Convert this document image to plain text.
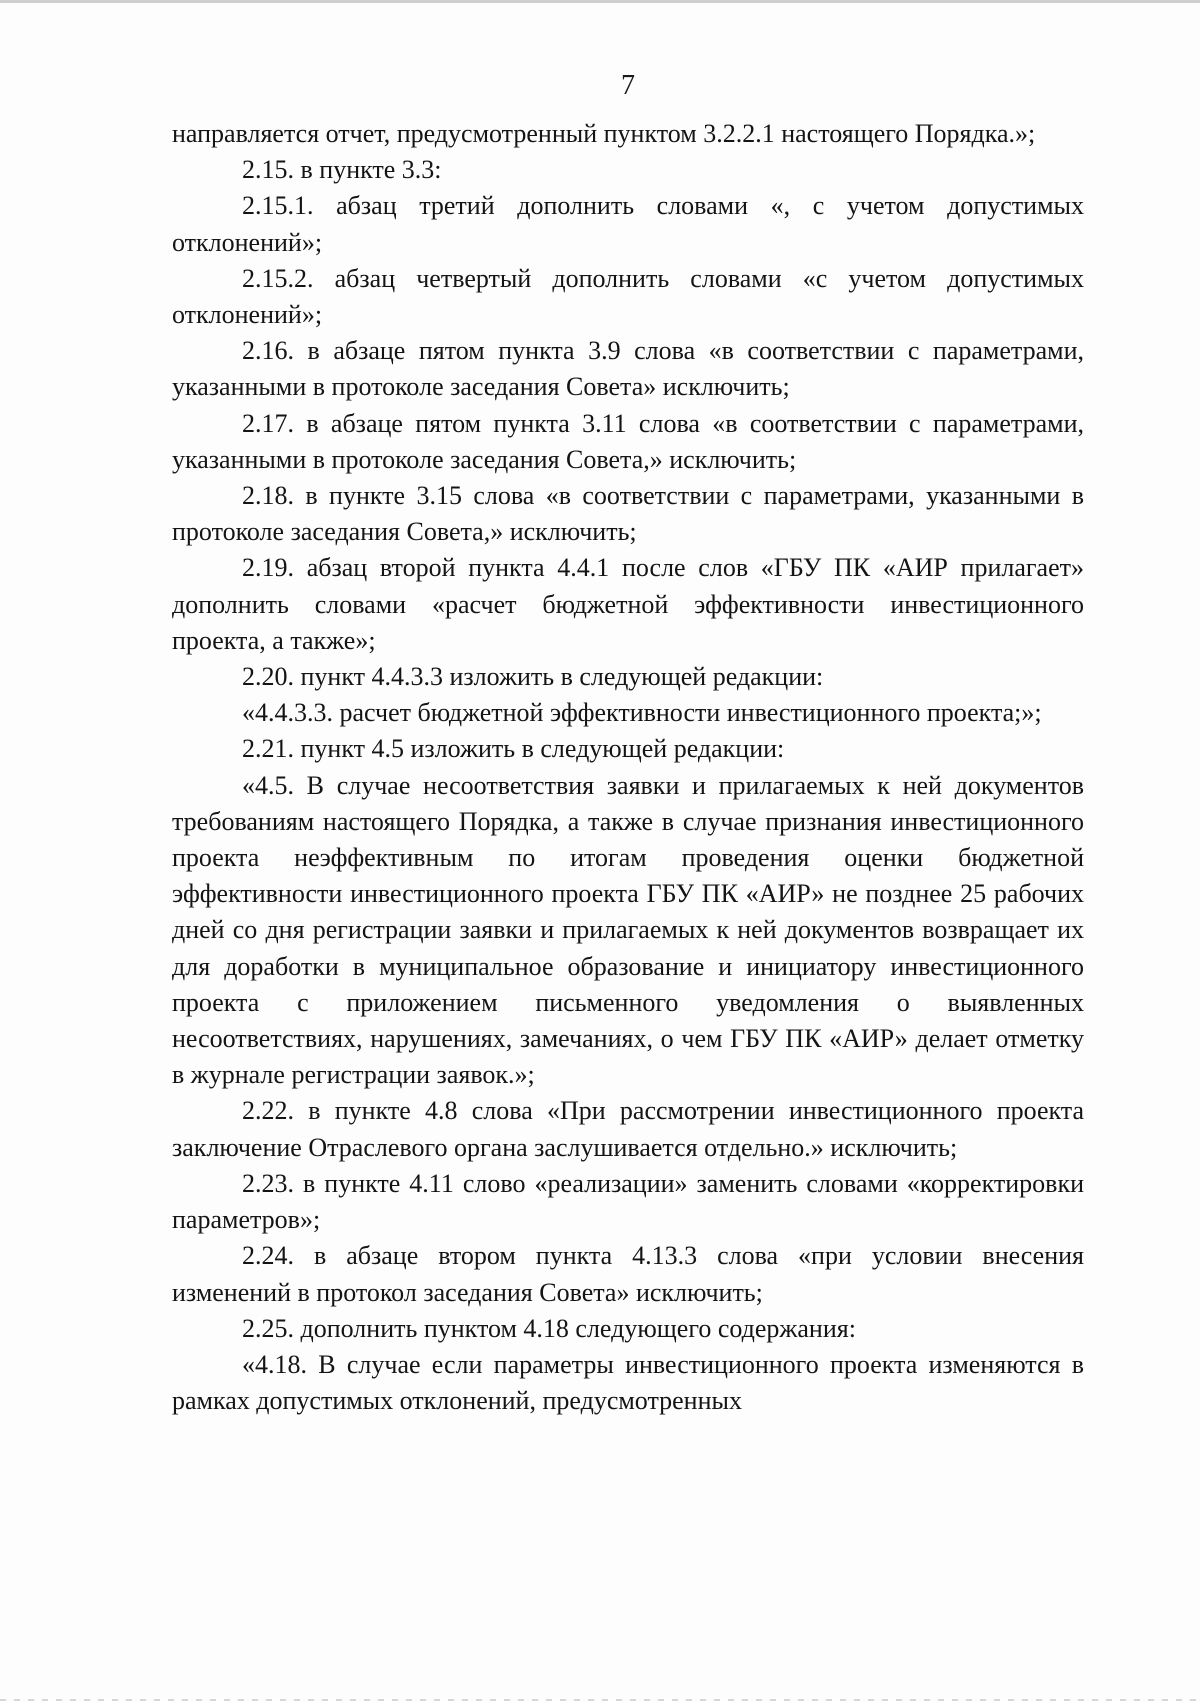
7

направляется отчет, предусмотренный пунктом 3.2.2.1 настоящего Порядка.»;

2.15. в пункте 3.3:

2.15.1. абзац третий дополнить словами «, с учетом допустимых отклонений»;

2.15.2. абзац четвертый дополнить словами «с учетом допустимых отклонений»;

2.16. в абзаце пятом пункта 3.9 слова «в соответствии с параметрами, указанными в протоколе заседания Совета» исключить;

2.17. в абзаце пятом пункта 3.11 слова «в соответствии с параметрами, указанными в протоколе заседания Совета,» исключить;

2.18. в пункте 3.15 слова «в соответствии с параметрами, указанными в протоколе заседания Совета,» исключить;

2.19. абзац второй пункта 4.4.1 после слов «ГБУ ПК «АИР прилагает» дополнить словами «расчет бюджетной эффективности инвестиционного проекта, а также»;

2.20. пункт 4.4.3.3 изложить в следующей редакции:

«4.4.3.3. расчет бюджетной эффективности инвестиционного проекта;»;

2.21. пункт 4.5 изложить в следующей редакции:

«4.5. В случае несоответствия заявки и прилагаемых к ней документов требованиям настоящего Порядка, а также в случае признания инвестиционного проекта неэффективным по итогам проведения оценки бюджетной эффективности инвестиционного проекта ГБУ ПК «АИР» не позднее 25 рабочих дней со дня регистрации заявки и прилагаемых к ней документов возвращает их для доработки в муниципальное образование и инициатору инвестиционного проекта с приложением письменного уведомления о выявленных несоответствиях, нарушениях, замечаниях, о чем ГБУ ПК «АИР» делает отметку в журнале регистрации заявок.»;

2.22. в пункте 4.8 слова «При рассмотрении инвестиционного проекта заключение Отраслевого органа заслушивается отдельно.» исключить;

2.23. в пункте 4.11 слово «реализации» заменить словами «корректировки параметров»;

2.24. в абзаце втором пункта 4.13.3 слова «при условии внесения изменений в протокол заседания Совета» исключить;

2.25. дополнить пунктом 4.18 следующего содержания:

«4.18. В случае если параметры инвестиционного проекта изменяются в рамках допустимых отклонений, предусмотренных
